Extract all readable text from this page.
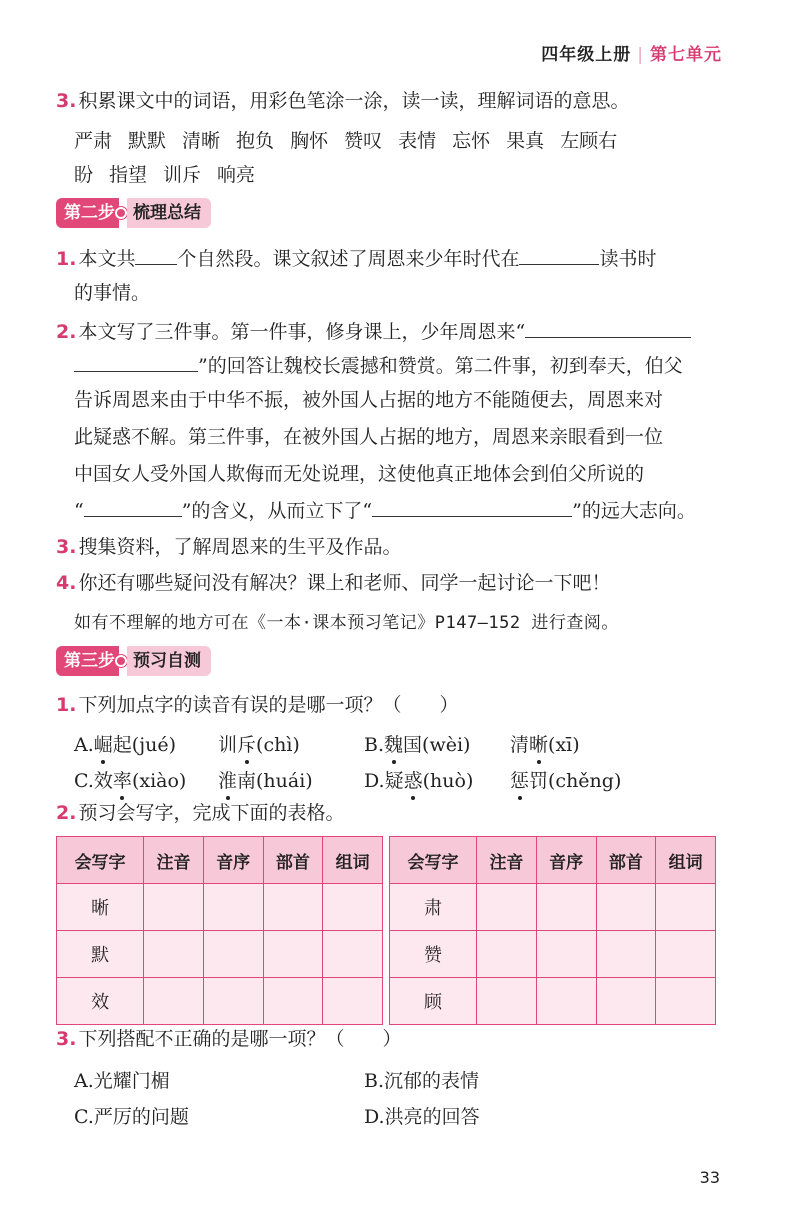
四年级上册 | 第七单元
3. 积累课文中的词语，用彩色笔涂一涂，读一读，理解词语的意思。
严肃 默默 清晰 抱负 胸怀 赞叹 表情 忘怀 果真 左顾右
盼 指望 训斥 响亮
第二步	梳理总结
1. 本文共 个自然段。课文叙述了周恩来少年时代在	读书时
的事情。
2. 本文写了三件事。第一件事，修身课上，少年周恩来“
”的回答让魏校长震撼和赞赏。第二件事，初到奉天，伯父
告诉周恩来由于中华不振，被外国人占据的地方不能随便去，周恩来对
此疑惑不解。第三件事，在被外国人占据的地方，周恩来亲眼看到一位
中国女人受外国人欺侮而无处说理，这使他真正地体会到伯父所说的
“	”的含义，从而立下了“	”的远大志向。
3. 搜集资料，了解周恩来的生平及作品。
4. 你还有哪些疑问没有解决？课上和老师、同学一起讨论一下吧！
如有不理解的地方可在《一本·课本预习笔记》P147—152 进行查阅。
第三步	预习自测
1. 下列加点字的读音有误的是哪一项？（　　）
A.崛起(jué) 训斥(chì)	B.魏国(wèi) 清晰(xī)
C.效率(xiào) 淮南(huái)	D.疑惑(huò) 惩罚(chěng)
2. 预习会写字，完成下面的表格。
会写字	注音	音序	部首	组词		会写字	注音	音序	部首	组词
晰						肃				
默						赞				
效						顾				
3. 下列搭配不正确的是哪一项？（　　）
A.光耀门楣	B.沉郁的表情
C.严厉的问题	D.洪亮的回答
33
